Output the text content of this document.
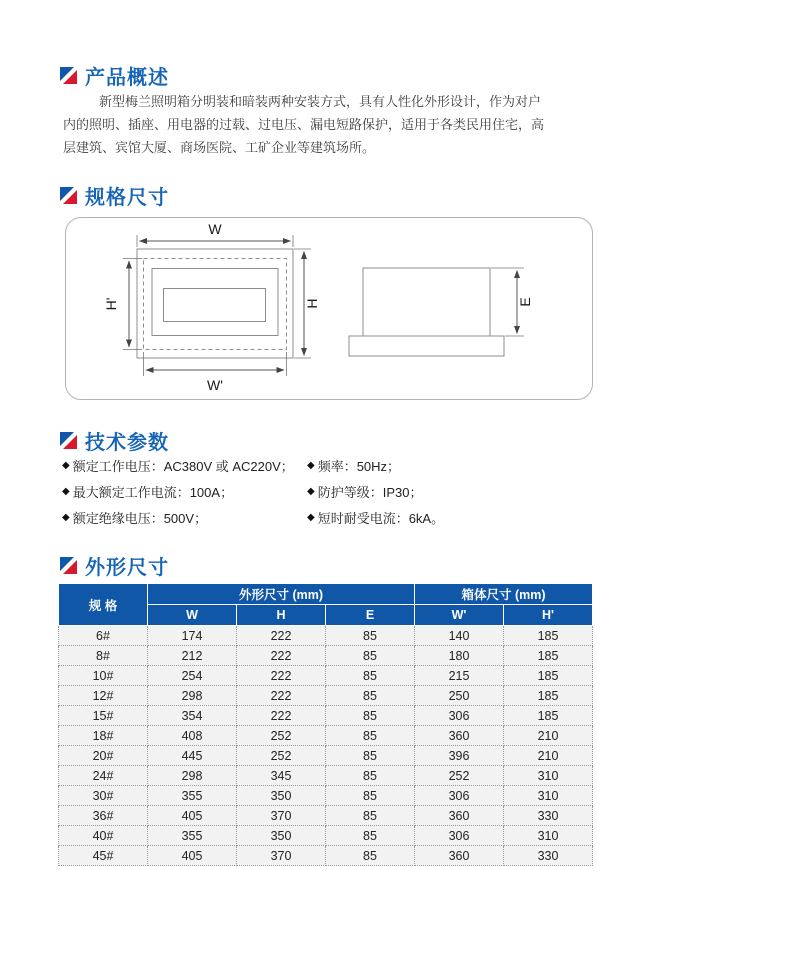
产品概述

新型梅兰照明箱分明装和暗装两种安装方式，具有人性化外形设计，作为对户内的照明、插座、用电器的过载、过电压、漏电短路保护，适用于各类民用住宅，高层建筑、宾馆大厦、商场医院、工矿企业等建筑场所。

规格尺寸
W
H'	H
W'
E
技术参数
◆ 额定工作电压：AC380V 或 AC220V；
◆ 最大额定工作电流：100A；
◆ 额定绝缘电压：500V；
◆ 频率：50Hz；
◆ 防护等级：IP30；
◆ 短时耐受电流：6kA。
外形尺寸
规 格	外形尺寸 (mm)			箱体尺寸 (mm)	
	W	H	E	W'	H'
6#	174	222	85	140	185
8#	212	222	85	180	185
10#	254	222	85	215	185
12#	298	222	85	250	185
15#	354	222	85	306	185
18#	408	252	85	360	210
20#	445	252	85	396	210
24#	298	345	85	252	310
30#	355	350	85	306	310
36#	405	370	85	360	330
40#	355	350	85	306	310
45#	405	370	85	360	330
